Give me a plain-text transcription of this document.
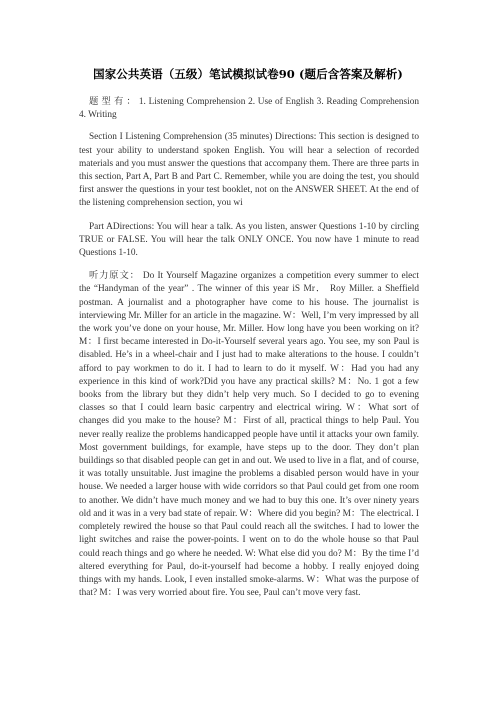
国家公共英语（五级）笔试模拟试卷90 (题后含答案及解析)

题 型 有 ： 1. Listening Comprehension 2. Use of English 3. Reading Comprehension 4. Writing

Section I Listening Comprehension (35 minutes) Directions: This section is designed to test your ability to understand spoken English. You will hear a selection of recorded materials and you must answer the questions that accompany them. There are three parts in this section, Part A, Part B and Part C. Remember, while you are doing the test, you should first answer the questions in your test booklet, not on the ANSWER SHEET. At the end of the listening comprehension section, you wi

Part ADirections: You will hear a talk. As you listen, answer Questions 1-10 by circling TRUE or FALSE. You will hear the talk ONLY ONCE. You now have 1 minute to read Questions 1-10.

听力原文： Do It Yourself Magazine organizes a competition every summer to elect the “Handyman of the year” . The winner of this year iS Mr． Roy Miller. a Sheffield postman. A journalist and a photographer have come to his house. The journalist is interviewing Mr. Miller for an article in the magazine. W：Well, I’m very impressed by all the work you’ve done on your house, Mr. Miller. How long have you been working on it? M：I first became interested in Do-it-Yourself several years ago. You see, my son Paul is disabled. He’s in a wheel-chair and I just had to make alterations to the house. I couldn’t afford to pay workmen to do it. I had to learn to do it myself. W：Had you had any experience in this kind of work?Did you have any practical skills? M：No. 1 got a few books from the library but they didn’t help very much. So I decided to go to evening classes so that I could learn basic carpentry and electrical wiring. W：What sort of changes did you make to the house? M：First of all, practical things to help Paul. You never really realize the problems handicapped people have until it attacks your own family. Most government buildings, for example, have steps up to the door. They don’t plan buildings so that disabled people can get in and out. We used to live in a flat, and of course, it was totally unsuitable. Just imagine the problems a disabled person would have in your house. We needed a larger house with wide corridors so that Paul could get from one room to another. We didn’t have much money and we had to buy this one. It’s over ninety years old and it was in a very bad state of repair. W：Where did you begin? M：The electrical. I completely rewired the house so that Paul could reach all the switches. I had to lower the light switches and raise the power-points. I went on to do the whole house so that Paul could reach things and go where he needed. W: What else did you do? M：By the time I’d altered everything for Paul, do-it-yourself had become a hobby. I really enjoyed doing things with my hands. Look, I even installed smoke-alarms. W：What was the purpose of that? M：I was very worried about fire. You see, Paul can’t move very fast.
